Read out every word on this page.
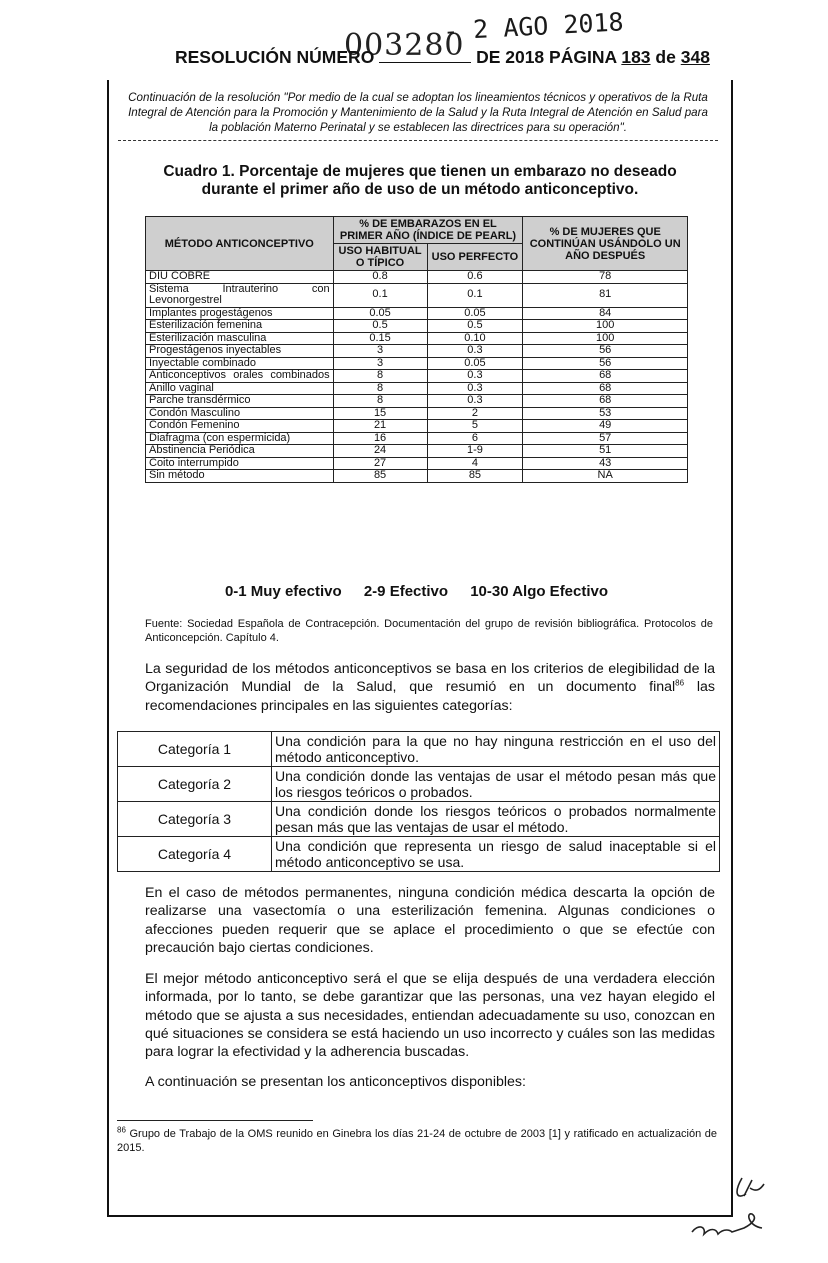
- 2 AGO 2018
003280
RESOLUCIÓN NÚMERO	DE 2018 PÁGINA 183 de 348
Continuación de la resolución "Por medio de la cual se adoptan los lineamientos técnicos y operativos de la Ruta Integral de Atención para la Promoción y Mantenimiento de la Salud y la Ruta Integral de Atención en Salud para la población Materno Perinatal y se establecen las directrices para su operación".
Cuadro 1. Porcentaje de mujeres que tienen un embarazo no deseado durante el primer año de uso de un método anticonceptivo.
MÉTODO ANTICONCEPTIVO	% DE EMBARAZOS EN EL PRIMER AÑO (ÍNDICE DE PEARL)		% DE MUJERES QUE CONTINÚAN USÁNDOLO UN AÑO DESPUÉS
	USO HABITUAL O TÍPICO	USO PERFECTO	
DIU COBRE	0.8	0.6	78
Sistema Intrauterino con Levonorgestrel	0.1	0.1	81
Implantes progestágenos	0.05	0.05	84
Esterilización femenina	0.5	0.5	100
Esterilización masculina	0.15	0.10	100
Progestágenos inyectables	3	0.3	56
Inyectable combinado	3	0.05	56
Anticonceptivos orales combinados	8	0.3	68
Anillo vaginal	8	0.3	68
Parche transdérmico	8	0.3	68
Condón Masculino	15	2	53
Condón Femenino	21	5	49
Diafragma (con espermicida)	16	6	57
Abstinencia Periódica	24	1-9	51
Coito interrumpido	27	4	43
Sin método	85	85	NA
0-1 Muy efectivo 2-9 Efectivo 10-30 Algo Efectivo
Fuente: Sociedad Española de Contracepción. Documentación del grupo de revisión bibliográfica. Protocolos de Anticoncepción. Capítulo 4.
La seguridad de los métodos anticonceptivos se basa en los criterios de elegibilidad de la Organización Mundial de la Salud, que resumió en un documento final$^{86}$ las recomendaciones principales en las siguientes categorías:
Categoría 1	Una condición para la que no hay ninguna restricción en el uso del método anticonceptivo.
Categoría 2	Una condición donde las ventajas de usar el método pesan más que los riesgos teóricos o probados.
Categoría 3	Una condición donde los riesgos teóricos o probados normalmente pesan más que las ventajas de usar el método.
Categoría 4	Una condición que representa un riesgo de salud inaceptable si el método anticonceptivo se usa.
En el caso de métodos permanentes, ninguna condición médica descarta la opción de realizarse una vasectomía o una esterilización femenina. Algunas condiciones o afecciones pueden requerir que se aplace el procedimiento o que se efectúe con precaución bajo ciertas condiciones.
El mejor método anticonceptivo será el que se elija después de una verdadera elección informada, por lo tanto, se debe garantizar que las personas, una vez hayan elegido el método que se ajusta a sus necesidades, entiendan adecuadamente su uso, conozcan en qué situaciones se considera se está haciendo un uso incorrecto y cuáles son las medidas para lograr la efectividad y la adherencia buscadas.
A continuación se presentan los anticonceptivos disponibles:
$^{86}$ Grupo de Trabajo de la OMS reunido en Ginebra los días 21-24 de octubre de 2003 [1] y ratificado en actualización de 2015.
